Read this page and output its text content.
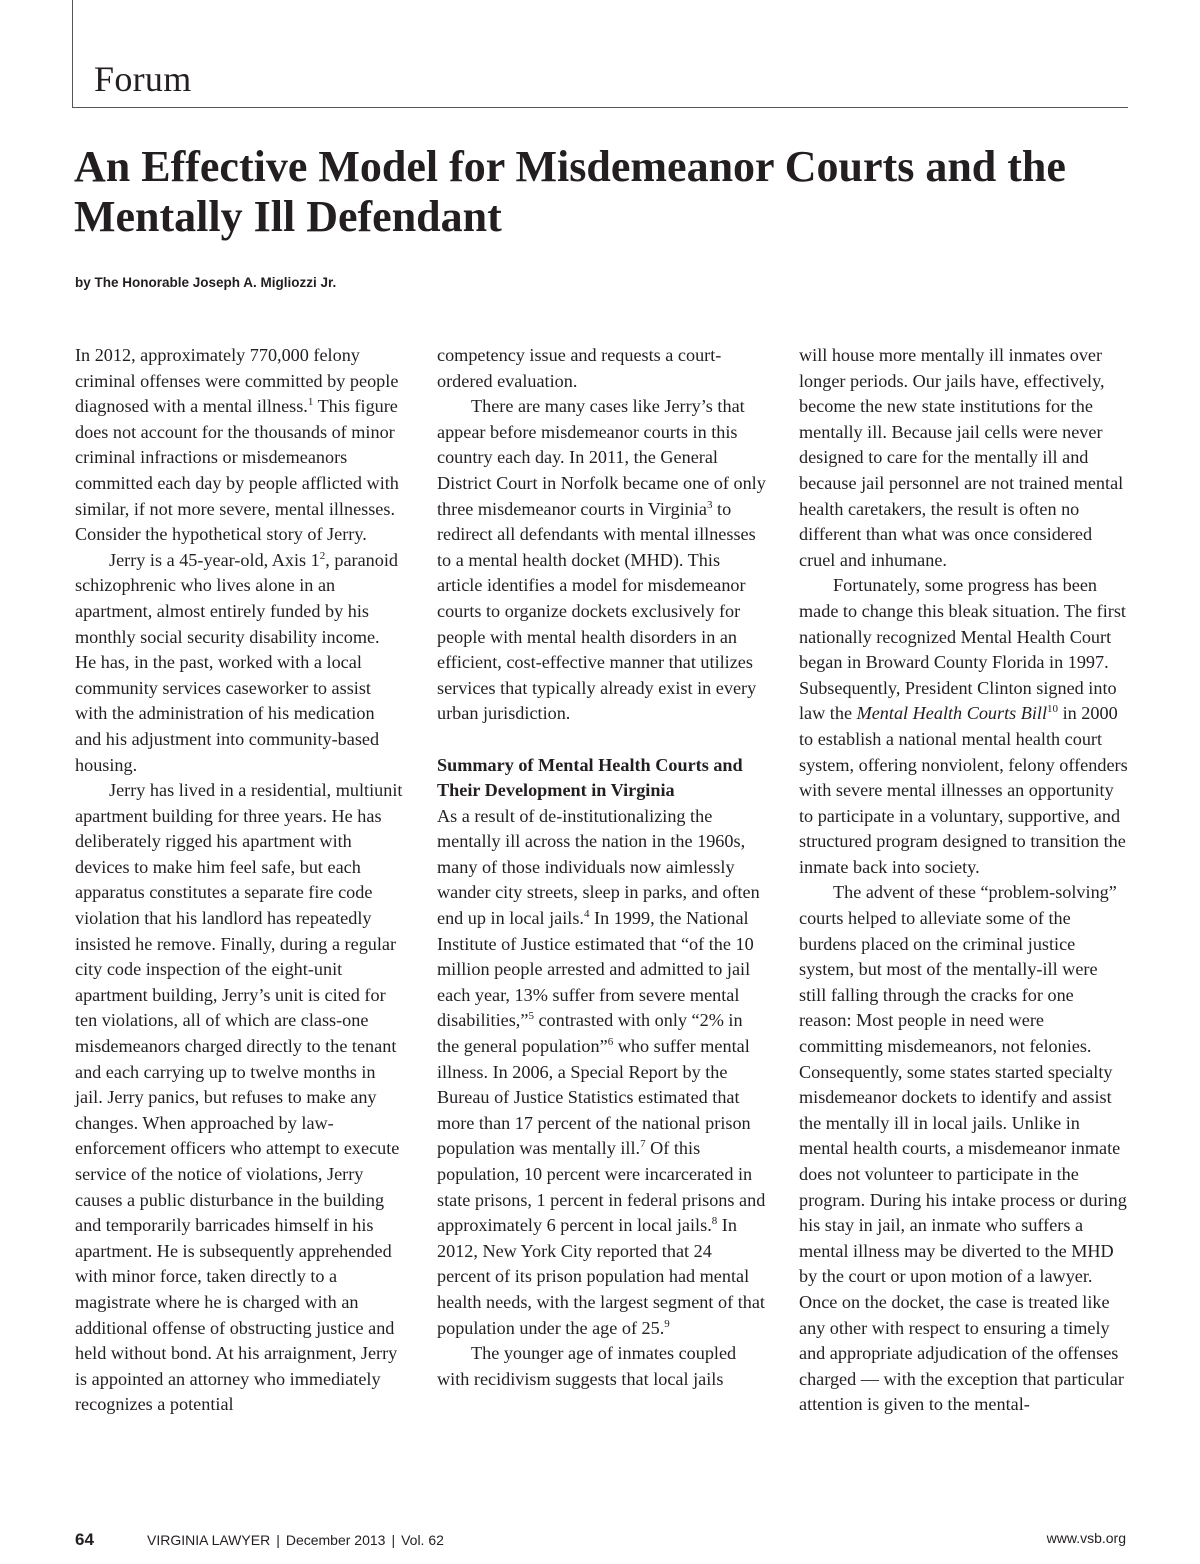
Forum
An Effective Model for Misdemeanor Courts and the Mentally Ill Defendant
by The Honorable Joseph A. Migliozzi Jr.

In 2012, approximately 770,000 felony criminal offenses were committed by people diagnosed with a mental illness.$^1$ This figure does not account for the thousands of minor criminal infractions or misdemeanors committed each day by people afflicted with similar, if not more severe, mental illnesses. Consider the hypothetical story of Jerry.

Jerry is a 45-year-old, Axis $1^2$, paranoid schizophrenic who lives alone in an apartment, almost entirely funded by his monthly social security disability income. He has, in the past, worked with a local community services caseworker to assist with the administration of his medication and his adjustment into community-based housing.

Jerry has lived in a residential, multiunit apartment building for three years. He has deliberately rigged his apartment with devices to make him feel safe, but each apparatus constitutes a separate fire code violation that his landlord has repeatedly insisted he remove. Finally, during a regular city code inspection of the eight-unit apartment building, Jerry’s unit is cited for ten violations, all of which are class-one misdemeanors charged directly to the tenant and each carrying up to twelve months in jail. Jerry panics, but refuses to make any changes. When approached by law-enforcement officers who attempt to execute service of the notice of violations, Jerry causes a public disturbance in the building and temporarily barricades himself in his apartment. He is subsequently apprehended with minor force, taken directly to a magistrate where he is charged with an additional offense of obstructing justice and held without bond. At his arraignment, Jerry is appointed an attorney who immediately recognizes a potential

competency issue and requests a court-ordered evaluation.

There are many cases like Jerry’s that appear before misdemeanor courts in this country each day. In 2011, the General District Court in Norfolk became one of only three misdemeanor courts in Virginia$^3$ to redirect all defendants with mental illnesses to a mental health docket (MHD). This article identifies a model for misdemeanor courts to organize dockets exclusively for people with mental health disorders in an efficient, cost-effective manner that utilizes services that typically already exist in every urban jurisdiction.

Summary of Mental Health Courts and Their Development in Virginia

As a result of de-institutionalizing the mentally ill across the nation in the 1960s, many of those individuals now aimlessly wander city streets, sleep in parks, and often end up in local jails.$^4$ In 1999, the National Institute of Justice estimated that “of the 10 million people arrested and admitted to jail each year, 13% suffer from severe mental disabilities,”$^5$ contrasted with only “2% in the general population”$^6$ who suffer mental illness. In 2006, a Special Report by the Bureau of Justice Statistics estimated that more than 17 percent of the national prison population was mentally ill.$^7$ Of this population, 10 percent were incarcerated in state prisons, 1 percent in federal prisons and approximately 6 percent in local jails.$^8$ In 2012, New York City reported that 24 percent of its prison population had mental health needs, with the largest segment of that population under the age of 25.$^9$

The younger age of inmates coupled with recidivism suggests that local jails

will house more mentally ill inmates over longer periods. Our jails have, effectively, become the new state institutions for the mentally ill. Because jail cells were never designed to care for the mentally ill and because jail personnel are not trained mental health caretakers, the result is often no different than what was once considered cruel and inhumane.

Fortunately, some progress has been made to change this bleak situation. The first nationally recognized Mental Health Court began in Broward County Florida in 1997. Subsequently, President Clinton signed into law the Mental Health Courts Bill$^{10}$ in 2000 to establish a national mental health court system, offering nonviolent, felony offenders with severe mental illnesses an opportunity to participate in a voluntary, supportive, and structured program designed to transition the inmate back into society.

The advent of these “problem-solving” courts helped to alleviate some of the burdens placed on the criminal justice system, but most of the mentally-ill were still falling through the cracks for one reason: Most people in need were committing misdemeanors, not felonies. Consequently, some states started specialty misdemeanor dockets to identify and assist the mentally ill in local jails. Unlike in mental health courts, a misdemeanor inmate does not volunteer to participate in the program. During his intake process or during his stay in jail, an inmate who suffers a mental illness may be diverted to the MHD by the court or upon motion of a lawyer. Once on the docket, the case is treated like any other with respect to ensuring a timely and appropriate adjudication of the offenses charged — with the exception that particular attention is given to the mental-

64	VIRGINIA LAWYER | December 2013 | Vol. 62	www.vsb.org
